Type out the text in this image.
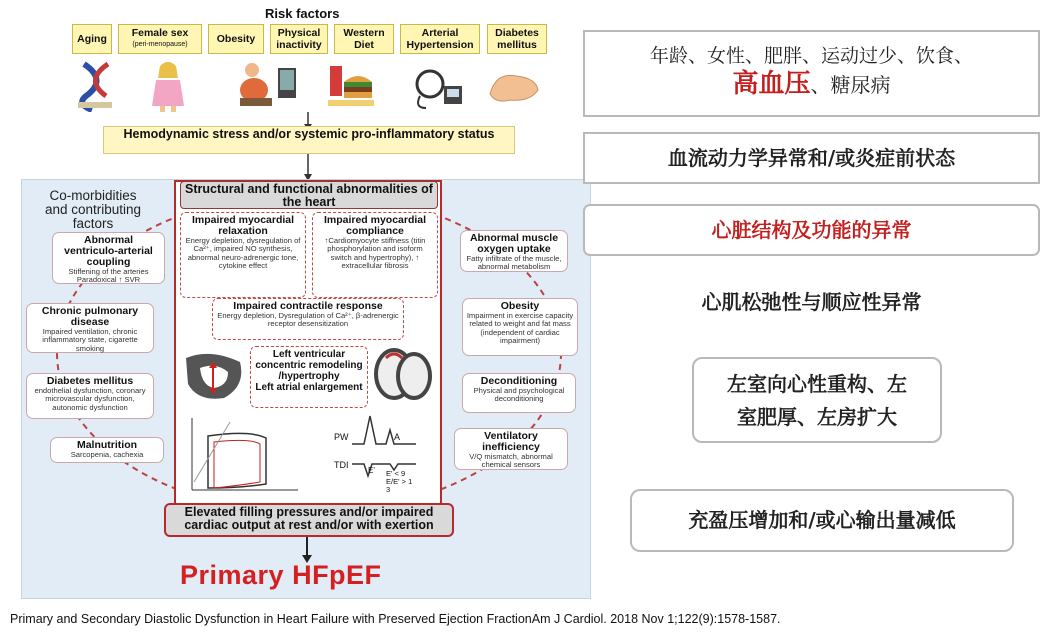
Risk factors
Aging Female sex
(peri-menopause)	Obesity	Physical inactivity
Western Diet
Arterial Hypertension
Diabetes mellitus
Hemodynamic stress and/or systemic pro-inflammatory status
Co-morbidities and contributing factors
Abnormal ventriculo-arterial coupling
Stiffening of the arteries Paradoxical ↑ SVR
Chronic pulmonary disease
Impaired ventilation, chronic inflammatory state, cigarette smoking
Diabetes mellitus
endothelial dysfunction, coronary microvascular dysfunction, autonomic dysfunction
Malnutrition
Sarcopenia, cachexia
Abnormal muscle oxygen uptake
Fatty infiltrate of the muscle, abnormal metabolism
Obesity
Impairment in exercise capacity related to weight and fat mass (independent of cardiac impairment)
Deconditioning
Physical and psychological deconditioning
Ventilatory inefficiency
V/Q mismatch, abnormal chemical sensors
Structural and functional abnormalities of the heart
Impaired myocardial relaxation
Energy depletion, dysregulation of Ca²⁺, impaired NO synthesis, abnormal neuro-adrenergic tone, cytokine effect
Impaired myocardial compliance
↑Cardiomyocyte stiffness (titin phosphorylation and isoform switch and hypertrophy), ↑ extracellular fibrosis
Impaired contractile response
Energy depletion, Dysregulation of Ca²⁺, β-adrenergic receptor desensitization
Left ventricular concentric remodeling /hypertrophy
Left atrial enlargement
PW
TDI
A
E' E' < 9
E/E' > 1
3
Elevated filling pressures and/or impaired cardiac output at rest and/or with exertion
Primary HFpEF
Primary and Secondary Diastolic Dysfunction in Heart Failure with Preserved Ejection FractionAm J Cardiol. 2018 Nov 1;122(9):1578-1587.
年龄、女性、肥胖、运动过少、饮食、
高血压、糖尿病
血流动力学异常和/或炎症前状态
心脏结构及功能的异常
心肌松弛性与顺应性异常
左室向心性重构、左
室肥厚、左房扩大
充盈压增加和/或心输出量减低
